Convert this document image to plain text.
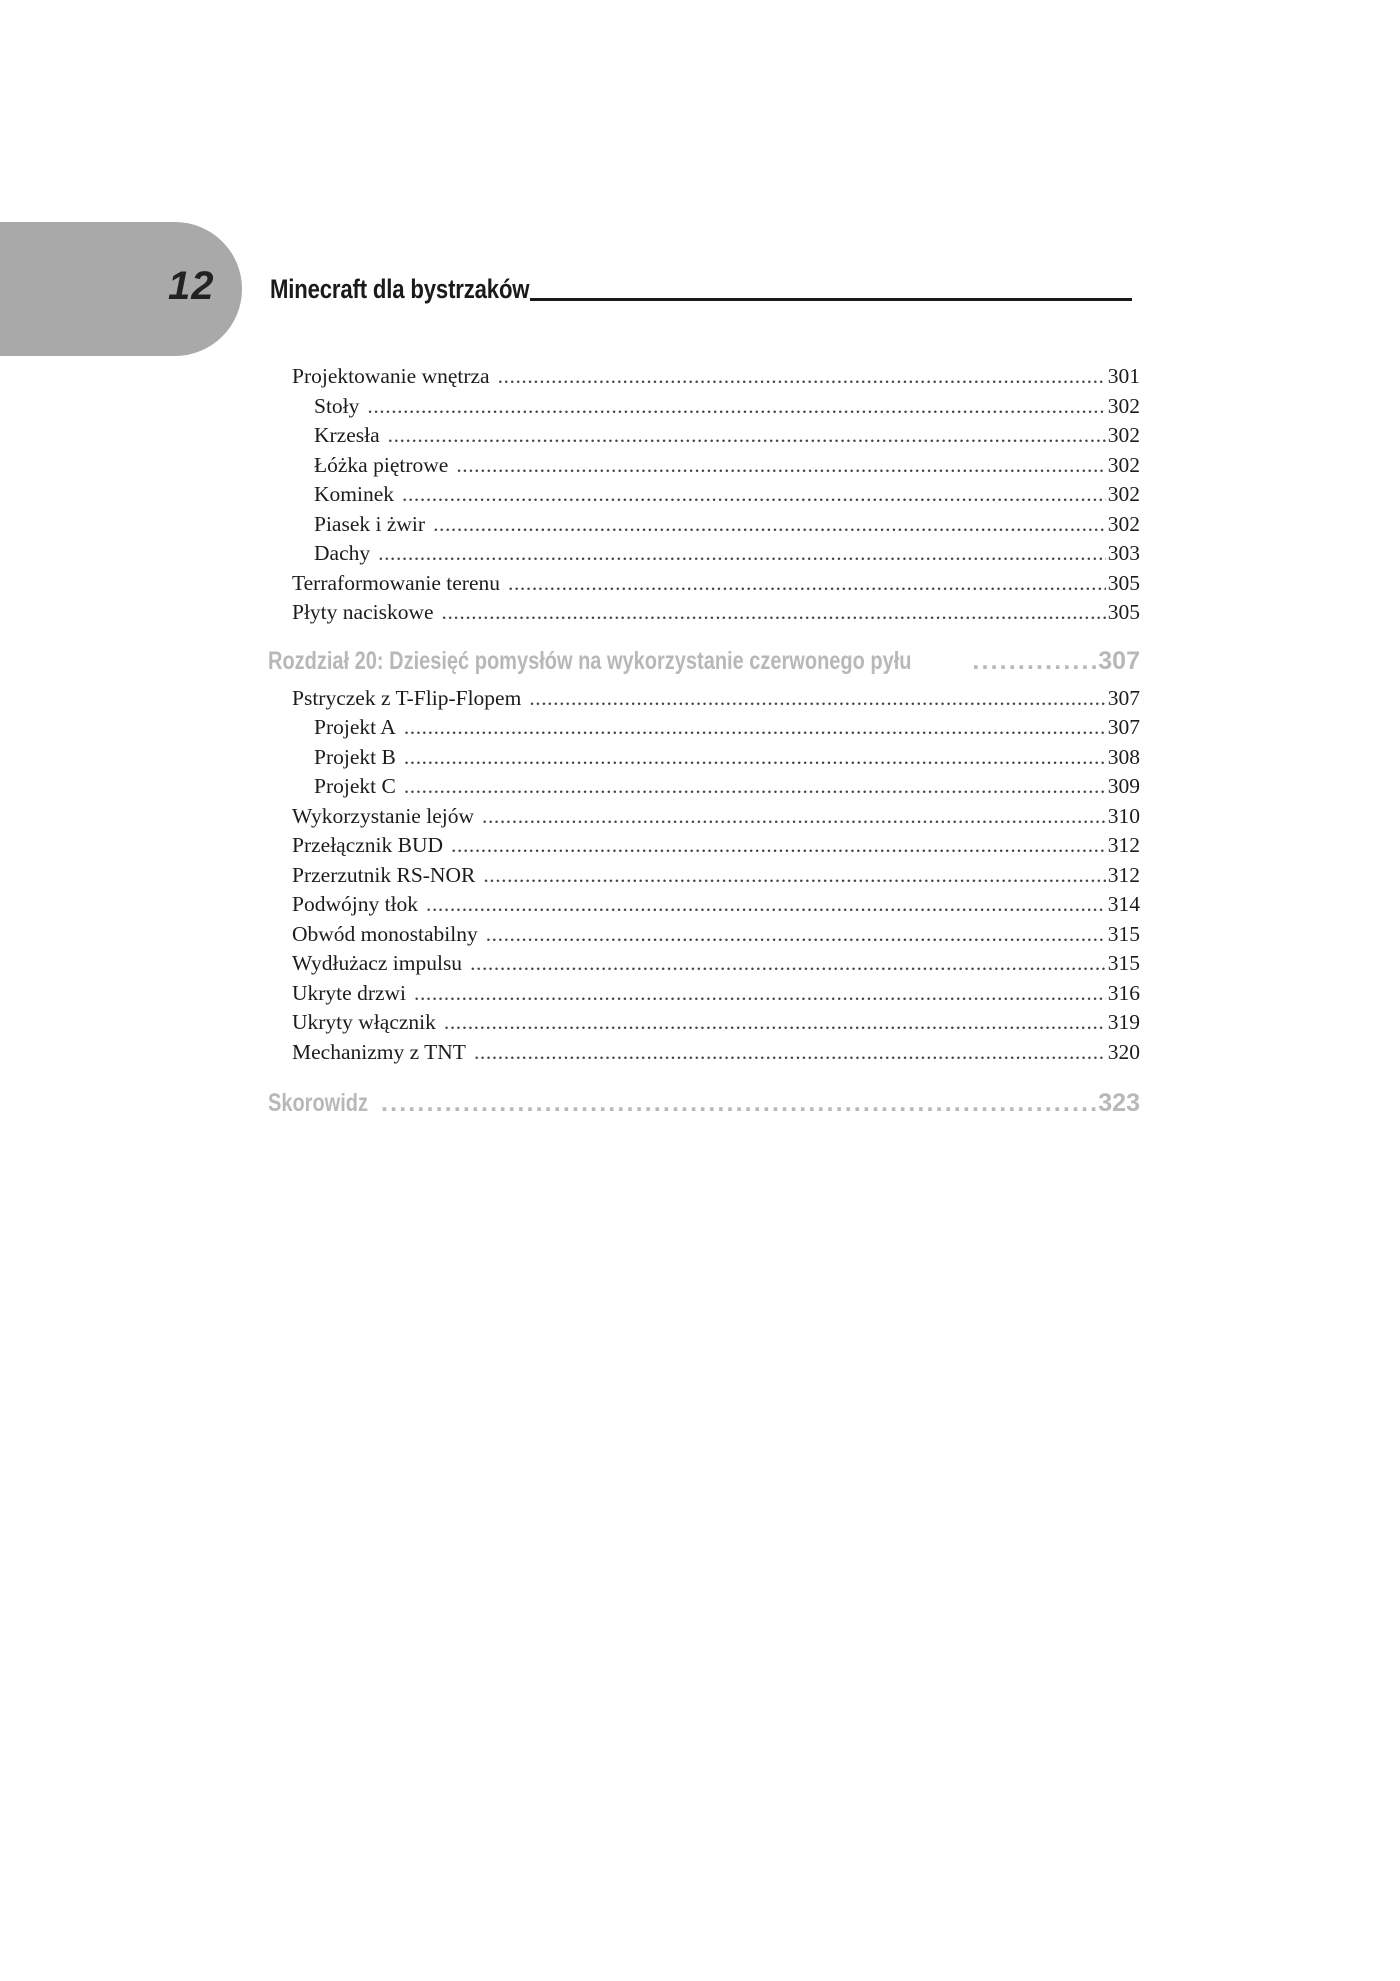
12 Minecraft dla bystrzaków
Projektowanie wnętrza . . .	301
Stoły . . .	302
Krzesła . . .	302
Łóżka piętrowe . . .	302
Kominek . . .	302
Piasek i żwir . . .	302
Dachy . . .	303
Terraformowanie terenu . . .	305
Płyty naciskowe . . .	305
Rozdział 20: Dziesięć pomysłów na wykorzystanie czerwonego pyłu . . .	307
Pstryczek z T-Flip-Flopem . . .	307
Projekt A . . .	307
Projekt B . . .	308
Projekt C . . .	309
Wykorzystanie lejów . . .	310
Przełącznik BUD . . .	312
Przerzutnik RS-NOR . . .	312
Podwójny tłok . . .	314
Obwód monostabilny . . .	315
Wydłużacz impulsu . . .	315
Ukryte drzwi . . .	316
Ukryty włącznik . . .	319
Mechanizmy z TNT . . .	320
Skorowidz . . .	323
